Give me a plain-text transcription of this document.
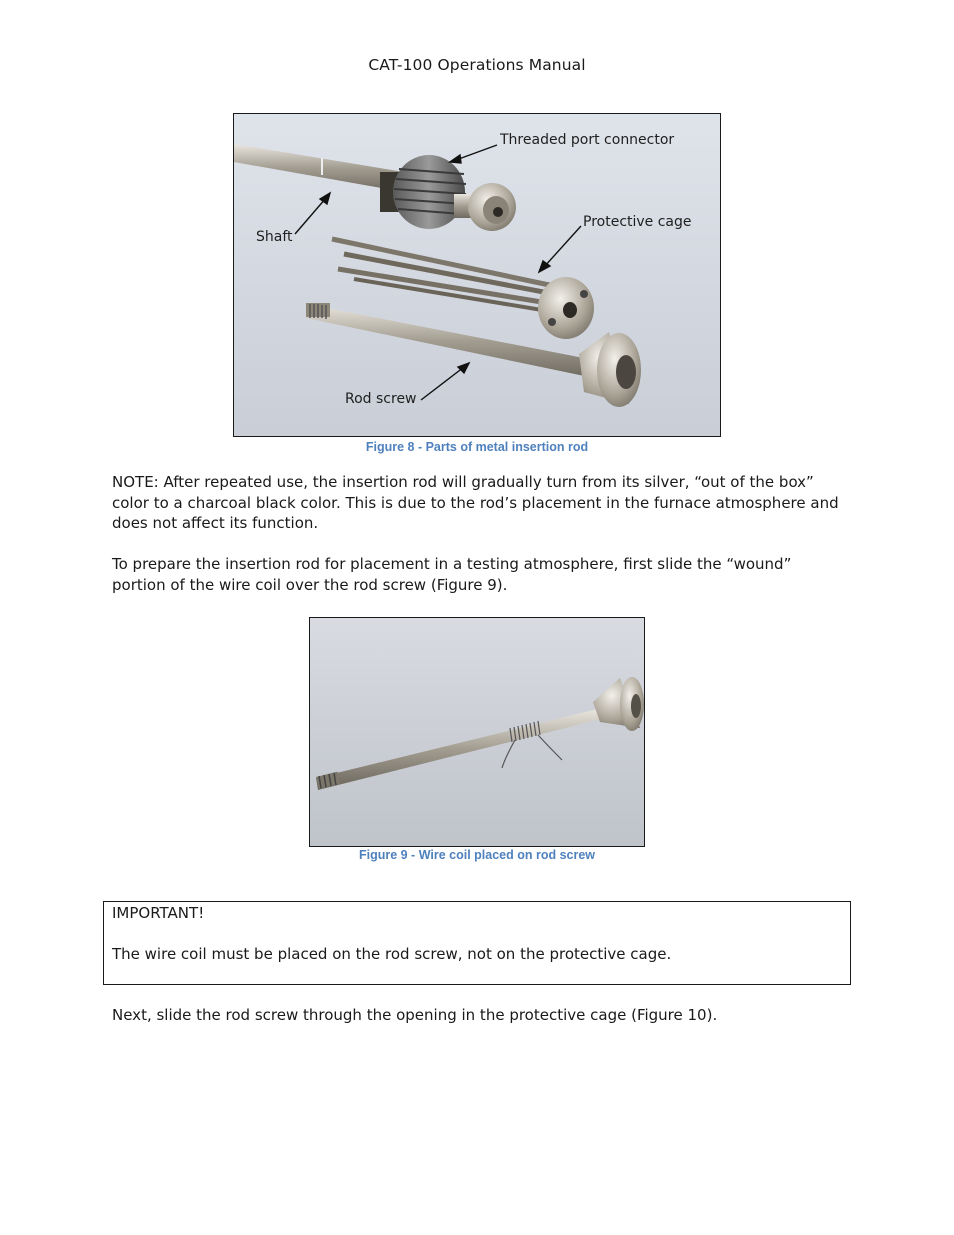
CAT-100 Operations Manual
Threaded port connector
Protective cage
Shaft
Rod screw
Figure 8 - Parts of metal insertion rod

NOTE: After repeated use, the insertion rod will gradually turn from its silver, “out of the box” color to a charcoal black color. This is due to the rod’s placement in the furnace atmosphere and does not affect its function.

To prepare the insertion rod for placement in a testing atmosphere, first slide the “wound” portion of the wire coil over the rod screw (Figure 9).

Figure 9 - Wire coil placed on rod screw
IMPORTANT!
The wire coil must be placed on the rod screw, not on the protective cage.

Next, slide the rod screw through the opening in the protective cage (Figure 10).
